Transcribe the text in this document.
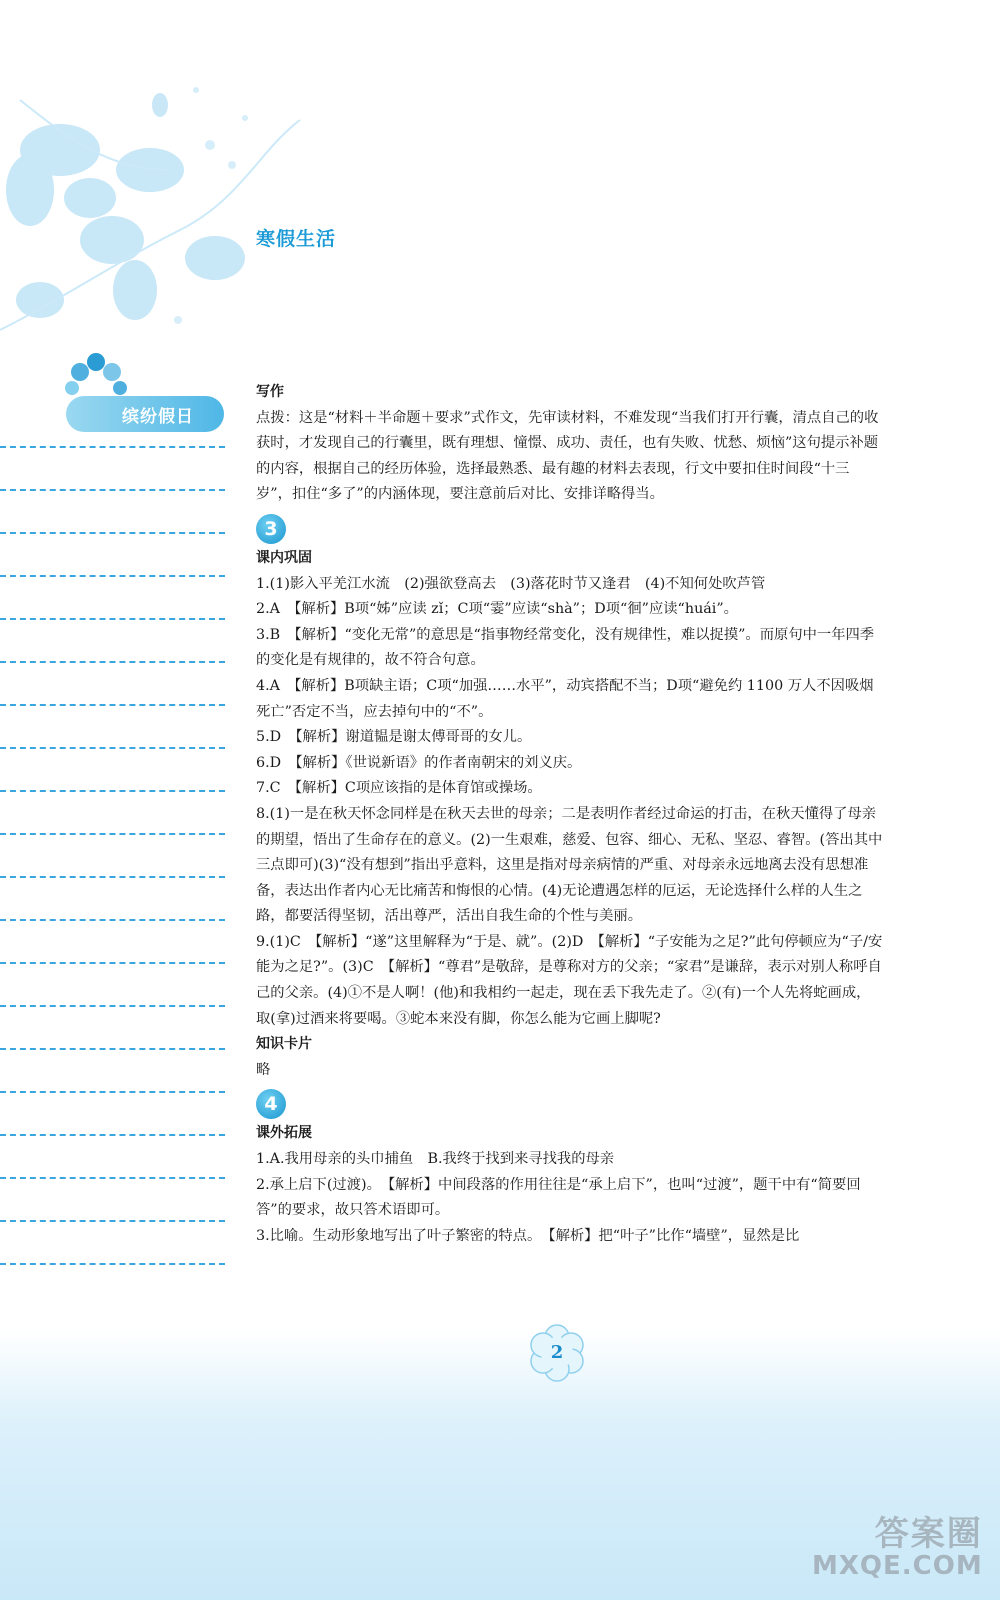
寒假生活
缤纷假日

写作

点拨：这是“材料＋半命题＋要求”式作文，先审读材料，不难发现“当我们打开行囊，清点自己的收获时，才发现自己的行囊里，既有理想、憧憬、成功、责任，也有失败、忧愁、烦恼”这句提示补题的内容，根据自己的经历体验，选择最熟悉、最有趣的材料去表现，行文中要扣住时间段“十三岁”，扣住“多了”的内涵体现，要注意前后对比、安排详略得当。

3

课内巩固

1.(1)影入平羌江水流　(2)强欲登高去　(3)落花时节又逢君　(4)不知何处吹芦管

2.A　【解析】B项“姊”应读 zǐ；C项“霎”应读“shà”；D项“徊”应读“huái”。

3.B　【解析】“变化无常”的意思是“指事物经常变化，没有规律性，难以捉摸”。而原句中一年四季的变化是有规律的，故不符合句意。

4.A　【解析】B项缺主语；C项“加强……水平”，动宾搭配不当；D项“避免约 1100 万人不因吸烟死亡”否定不当，应去掉句中的“不”。

5.D　【解析】谢道韫是谢太傅哥哥的女儿。

6.D　【解析】《世说新语》的作者南朝宋的刘义庆。

7.C　【解析】C项应该指的是体育馆或操场。

8.(1)一是在秋天怀念同样是在秋天去世的母亲；二是表明作者经过命运的打击，在秋天懂得了母亲的期望，悟出了生命存在的意义。(2)一生艰难，慈爱、包容、细心、无私、坚忍、睿智。(答出其中三点即可)(3)“没有想到”指出乎意料，这里是指对母亲病情的严重、对母亲永远地离去没有思想准备，表达出作者内心无比痛苦和悔恨的心情。(4)无论遭遇怎样的厄运，无论选择什么样的人生之路，都要活得坚韧，活出尊严，活出自我生命的个性与美丽。

9.(1)C　【解析】“遂”这里解释为“于是、就”。(2)D　【解析】“子安能为之足?”此句停顿应为“子/安能为之足?”。(3)C　【解析】“尊君”是敬辞，是尊称对方的父亲；“家君”是谦辞，表示对别人称呼自己的父亲。(4)①不是人啊！(他)和我相约一起走，现在丢下我先走了。②(有)一个人先将蛇画成，取(拿)过酒来将要喝。③蛇本来没有脚，你怎么能为它画上脚呢?

知识卡片

略

4

课外拓展

1.A.我用母亲的头巾捕鱼　B.我终于找到来寻找我的母亲

2.承上启下(过渡)。　【解析】中间段落的作用往往是“承上启下”，也叫“过渡”，题干中有“简要回答”的要求，故只答术语即可。

3.比喻。生动形象地写出了叶子繁密的特点。　【解析】把“叶子”比作“墙壁”，显然是比

2
答案圈
MXQE.COM
